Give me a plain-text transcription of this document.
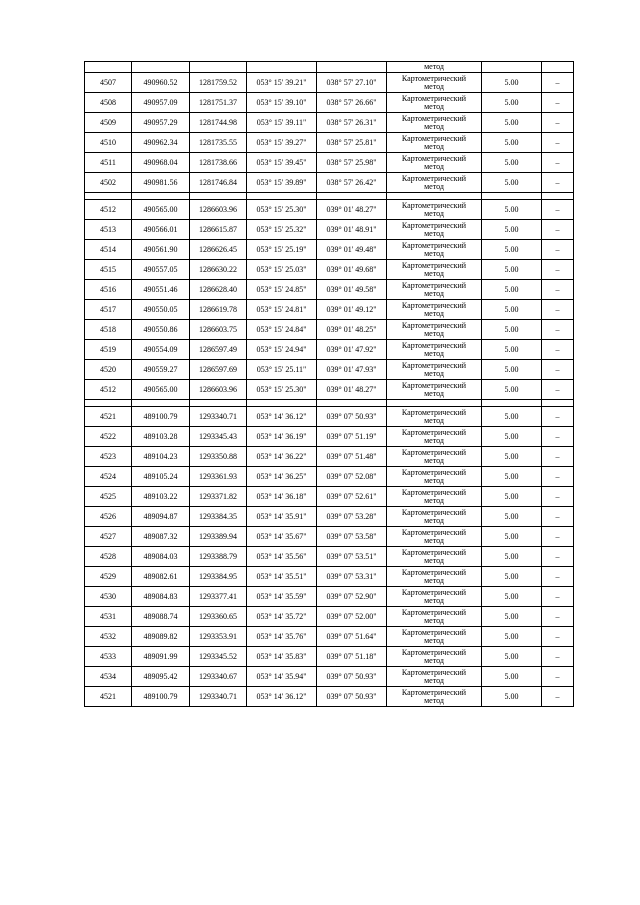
					метод		
4507	490960.52	1281759.52	053° 15' 39.21"	038° 57' 27.10"	Картометрический
метод	5.00	–
4508	490957.09	1281751.37	053° 15' 39.10"	038° 57' 26.66"	Картометрический
метод	5.00	–
4509	490957.29	1281744.98	053° 15' 39.11"	038° 57' 26.31"	Картометрический
метод	5.00	–
4510	490962.34	1281735.55	053° 15' 39.27"	038° 57' 25.81"	Картометрический
метод	5.00	–
4511	490968.04	1281738.66	053° 15' 39.45"	038° 57' 25.98"	Картометрический
метод	5.00	–
4502	490981.56	1281746.84	053° 15' 39.89"	038° 57' 26.42"	Картометрический
метод	5.00	–

4512	490565.00	1286603.96	053° 15' 25.30"	039° 01' 48.27"	Картометрический
метод	5.00	–
4513	490566.01	1286615.87	053° 15' 25.32"	039° 01' 48.91"	Картометрический
метод	5.00	–
4514	490561.90	1286626.45	053° 15' 25.19"	039° 01' 49.48"	Картометрический
метод	5.00	–
4515	490557.05	1286630.22	053° 15' 25.03"	039° 01' 49.68"	Картометрический
метод	5.00	–
4516	490551.46	1286628.40	053° 15' 24.85"	039° 01' 49.58"	Картометрический
метод	5.00	–
4517	490550.05	1286619.78	053° 15' 24.81"	039° 01' 49.12"	Картометрический
метод	5.00	–
4518	490550.86	1286603.75	053° 15' 24.84"	039° 01' 48.25"	Картометрический
метод	5.00	–
4519	490554.09	1286597.49	053° 15' 24.94"	039° 01' 47.92"	Картометрический
метод	5.00	–
4520	490559.27	1286597.69	053° 15' 25.11"	039° 01' 47.93"	Картометрический
метод	5.00	–
4512	490565.00	1286603.96	053° 15' 25.30"	039° 01' 48.27"	Картометрический
метод	5.00	–

4521	489100.79	1293340.71	053° 14' 36.12"	039° 07' 50.93"	Картометрический
метод	5.00	–
4522	489103.28	1293345.43	053° 14' 36.19"	039° 07' 51.19"	Картометрический
метод	5.00	–
4523	489104.23	1293350.88	053° 14' 36.22"	039° 07' 51.48"	Картометрический
метод	5.00	–
4524	489105.24	1293361.93	053° 14' 36.25"	039° 07' 52.08"	Картометрический
метод	5.00	–
4525	489103.22	1293371.82	053° 14' 36.18"	039° 07' 52.61"	Картометрический
метод	5.00	–
4526	489094.87	1293384.35	053° 14' 35.91"	039° 07' 53.28"	Картометрический
метод	5.00	–
4527	489087.32	1293389.94	053° 14' 35.67"	039° 07' 53.58"	Картометрический
метод	5.00	–
4528	489084.03	1293388.79	053° 14' 35.56"	039° 07' 53.51"	Картометрический
метод	5.00	–
4529	489082.61	1293384.95	053° 14' 35.51"	039° 07' 53.31"	Картометрический
метод	5.00	–
4530	489084.83	1293377.41	053° 14' 35.59"	039° 07' 52.90"	Картометрический
метод	5.00	–
4531	489088.74	1293360.65	053° 14' 35.72"	039° 07' 52.00"	Картометрический
метод	5.00	–
4532	489089.82	1293353.91	053° 14' 35.76"	039° 07' 51.64"	Картометрический
метод	5.00	–
4533	489091.99	1293345.52	053° 14' 35.83"	039° 07' 51.18"	Картометрический
метод	5.00	–
4534	489095.42	1293340.67	053° 14' 35.94"	039° 07' 50.93"	Картометрический
метод	5.00	–
4521	489100.79	1293340.71	053° 14' 36.12"	039° 07' 50.93"	Картометрический
метод	5.00	–
